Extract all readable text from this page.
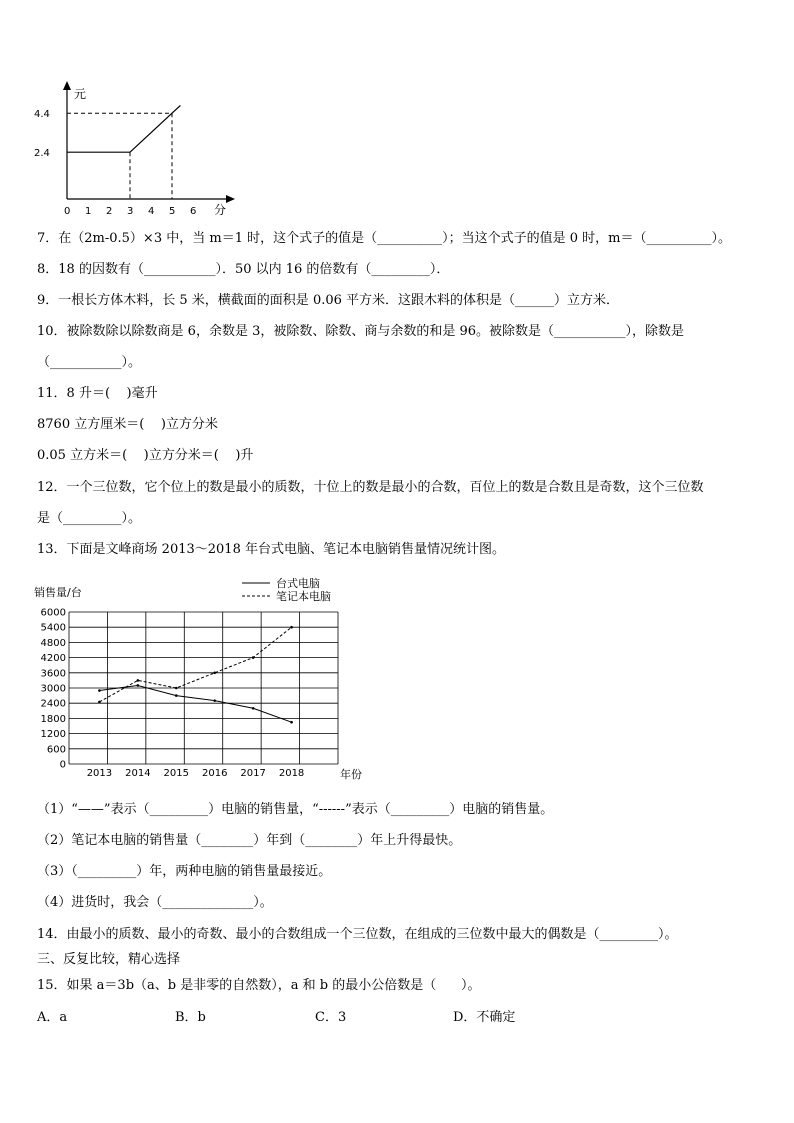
元
分
0 1 2 3 4 5 6
2.4
4.4
7．在（2m-0.5）×3 中，当 m＝1 时，这个式子的值是（__________）；当这个式子的值是 0 时，m＝（__________）。
8．18 的因数有（___________）．50 以内 16 的倍数有（_________）．
9．一根长方体木料，长 5 米，横截面的面积是 0.06 平方米．这跟木料的体积是（______）立方米．
10．被除数除以除数商是 6，余数是 3，被除数、除数、商与余数的和是 96。被除数是（___________），除数是
（___________）。
11．8 升＝(    )毫升
8760 立方厘米＝(    )立方分米
0.05 立方米＝(    )立方分米＝(    )升
12．一个三位数，它个位上的数是最小的质数，十位上的数是最小的合数，百位上的数是合数且是奇数，这个三位数
是（_________）。
13．下面是文峰商场 2013～2018 年台式电脑、笔记本电脑销售量情况统计图。
0
600
1200
1800
2400
3000
3600
4200
4800
5400
6000
销售量/台
年份
2013 2014 2015 2016 2017 2018
台式电脑
笔记本电脑
（1）“——”表示（_________）电脑的销售量，“------”表示（_________）电脑的销售量。
（2）笔记本电脑的销售量（________）年到（________）年上升得最快。
（3）（_________）年，两种电脑的销售量最接近。
（4）进货时，我会（______________）。
14．由最小的质数、最小的奇数、最小的合数组成一个三位数，在组成的三位数中最大的偶数是（_________）。
三、反复比较，精心选择
15．如果 a＝3b（a、b 是非零的自然数），a 和 b 的最小公倍数是（      ）。
A．a	B．b	C．3	D．不确定
